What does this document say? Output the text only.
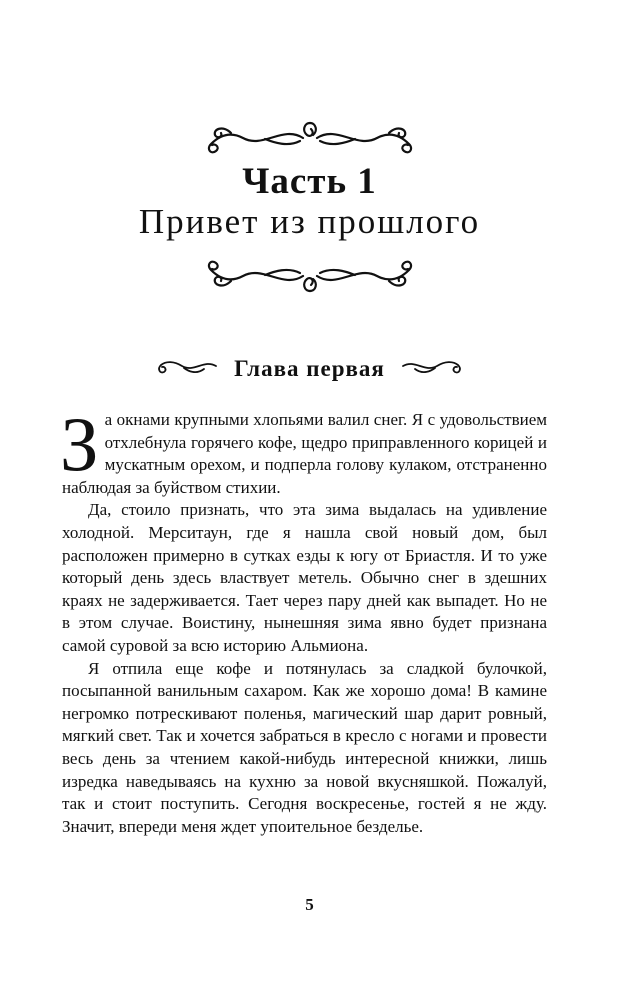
Часть 1
Привет из прошлого
Глава первая

За окнами крупными хлопьями валил снег. Я с удовольствием отхлебнула горячего кофе, щедро приправленного корицей и мускатным орехом, и подперла голову кулаком, отстраненно наблюдая за буйством стихии.

Да, стоило признать, что эта зима выдалась на удивление холодной. Мерситаун, где я нашла свой новый дом, был расположен примерно в сутках езды к югу от Бриастля. И то уже который день здесь властвует метель. Обычно снег в здешних краях не задерживается. Тает через пару дней как выпадет. Но не в этом случае. Воистину, нынешняя зима явно будет признана самой суровой за всю историю Альмиона.

Я отпила еще кофе и потянулась за сладкой булочкой, посыпанной ванильным сахаром. Как же хорошо дома! В камине негромко потрескивают поленья, магический шар дарит ровный, мягкий свет. Так и хочется забраться в кресло с ногами и провести весь день за чтением какой-нибудь интересной книжки, лишь изредка наведываясь на кухню за новой вкусняшкой. Пожалуй, так и стоит поступить. Сегодня воскресенье, гостей я не жду. Значит, впереди меня ждет упоительное безделье.

5
